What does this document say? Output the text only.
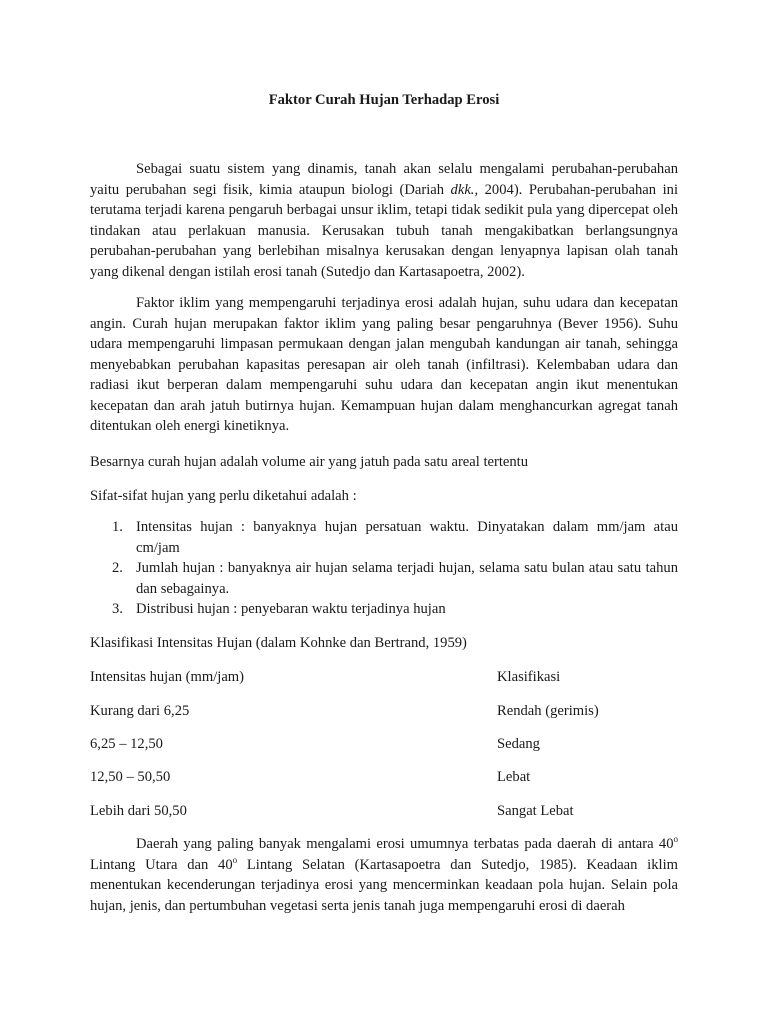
Faktor Curah Hujan Terhadap Erosi

Sebagai suatu sistem yang dinamis, tanah akan selalu mengalami perubahan-perubahan yaitu perubahan segi fisik, kimia ataupun biologi (Dariah dkk., 2004). Perubahan-perubahan ini terutama terjadi karena pengaruh berbagai unsur iklim, tetapi tidak sedikit pula yang dipercepat oleh tindakan atau perlakuan manusia. Kerusakan tubuh tanah mengakibatkan berlangsungnya perubahan-perubahan yang berlebihan misalnya kerusakan dengan lenyapnya lapisan olah tanah yang dikenal dengan istilah erosi tanah (Sutedjo dan Kartasapoetra, 2002).

Faktor iklim yang mempengaruhi terjadinya erosi adalah hujan, suhu udara dan kecepatan angin. Curah hujan merupakan faktor iklim yang paling besar pengaruhnya (Bever 1956). Suhu udara mempengaruhi limpasan permukaan dengan jalan mengubah kandungan air tanah, sehingga menyebabkan perubahan kapasitas peresapan air oleh tanah (infiltrasi). Kelembaban udara dan radiasi ikut berperan dalam mempengaruhi suhu udara dan kecepatan angin ikut menentukan kecepatan dan arah jatuh butirnya hujan. Kemampuan hujan dalam menghancurkan agregat tanah ditentukan oleh energi kinetiknya.

Besarnya curah hujan adalah volume air yang jatuh pada satu areal tertentu

Sifat-sifat hujan yang perlu diketahui adalah :

1. Intensitas hujan : banyaknya hujan persatuan waktu. Dinyatakan dalam mm/jam atau cm/jam
2. Jumlah hujan : banyaknya air hujan selama terjadi hujan, selama satu bulan atau satu tahun dan sebagainya.
3. Distribusi hujan : penyebaran waktu terjadinya hujan

Klasifikasi Intensitas Hujan (dalam Kohnke dan Bertrand, 1959)

Intensitas hujan (mm/jam)	Klasifikasi
Kurang dari 6,25	Rendah (gerimis)
6,25 – 12,50	Sedang
12,50 – 50,50	Lebat
Lebih dari 50,50	Sangat Lebat

Daerah yang paling banyak mengalami erosi umumnya terbatas pada daerah di antara 40$^o$ Lintang Utara dan 40$^o$ Lintang Selatan (Kartasapoetra dan Sutedjo, 1985). Keadaan iklim menentukan kecenderungan terjadinya erosi yang mencerminkan keadaan pola hujan. Selain pola hujan, jenis, dan pertumbuhan vegetasi serta jenis tanah juga mempengaruhi erosi di daerah
